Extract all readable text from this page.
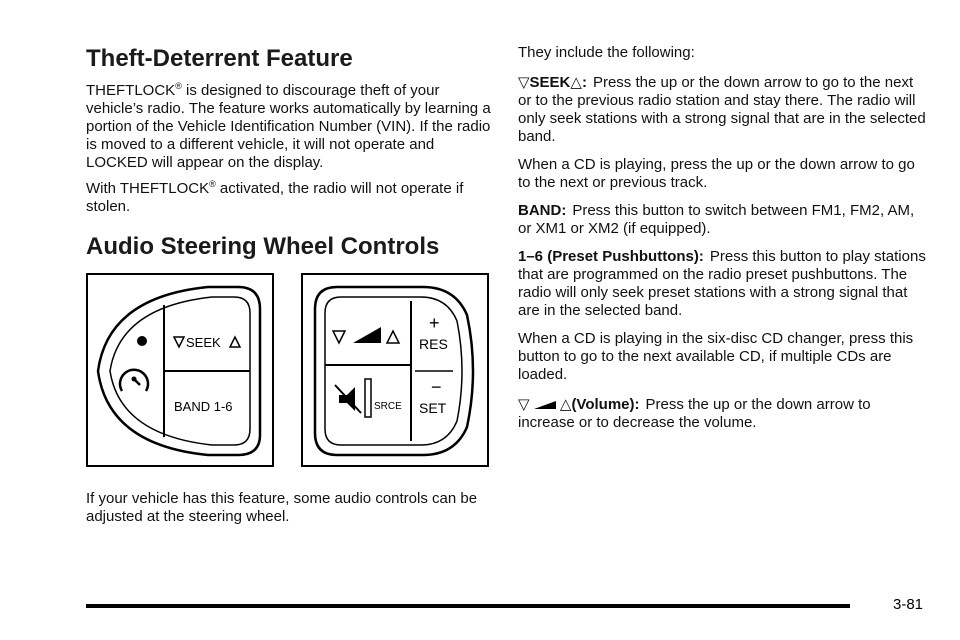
Theft-Deterrent Feature

THEFTLOCK® is designed to discourage theft of your vehicle’s radio. The feature works automatically by learning a portion of the Vehicle Identification Number (VIN). If the radio is moved to a different vehicle, it will not operate and LOCKED will appear on the display.

With THEFTLOCK® activated, the radio will not operate if stolen.

Audio Steering Wheel Controls
SEEK
BAND 1-6	SRCE
+
RES
−
SET

If your vehicle has this feature, some audio controls can be adjusted at the steering wheel.

They include the following:

▽SEEK△: Press the up or the down arrow to go to the next or to the previous radio station and stay there. The radio will only seek stations with a strong signal that are in the selected band.

When a CD is playing, press the up or the down arrow to go to the next or previous track.

BAND: Press this button to switch between FM1, FM2, AM, or XM1 or XM2 (if equipped).

1–6 (Preset Pushbuttons): Press this button to play stations that are programmed on the radio preset pushbuttons. The radio will only seek preset stations with a strong signal that are in the selected band.

When a CD is playing in the six-disc CD changer, press this button to go to the next available CD, if multiple CDs are loaded.

▽ △(Volume): Press the up or the down arrow to increase or to decrease the volume.

3-81
